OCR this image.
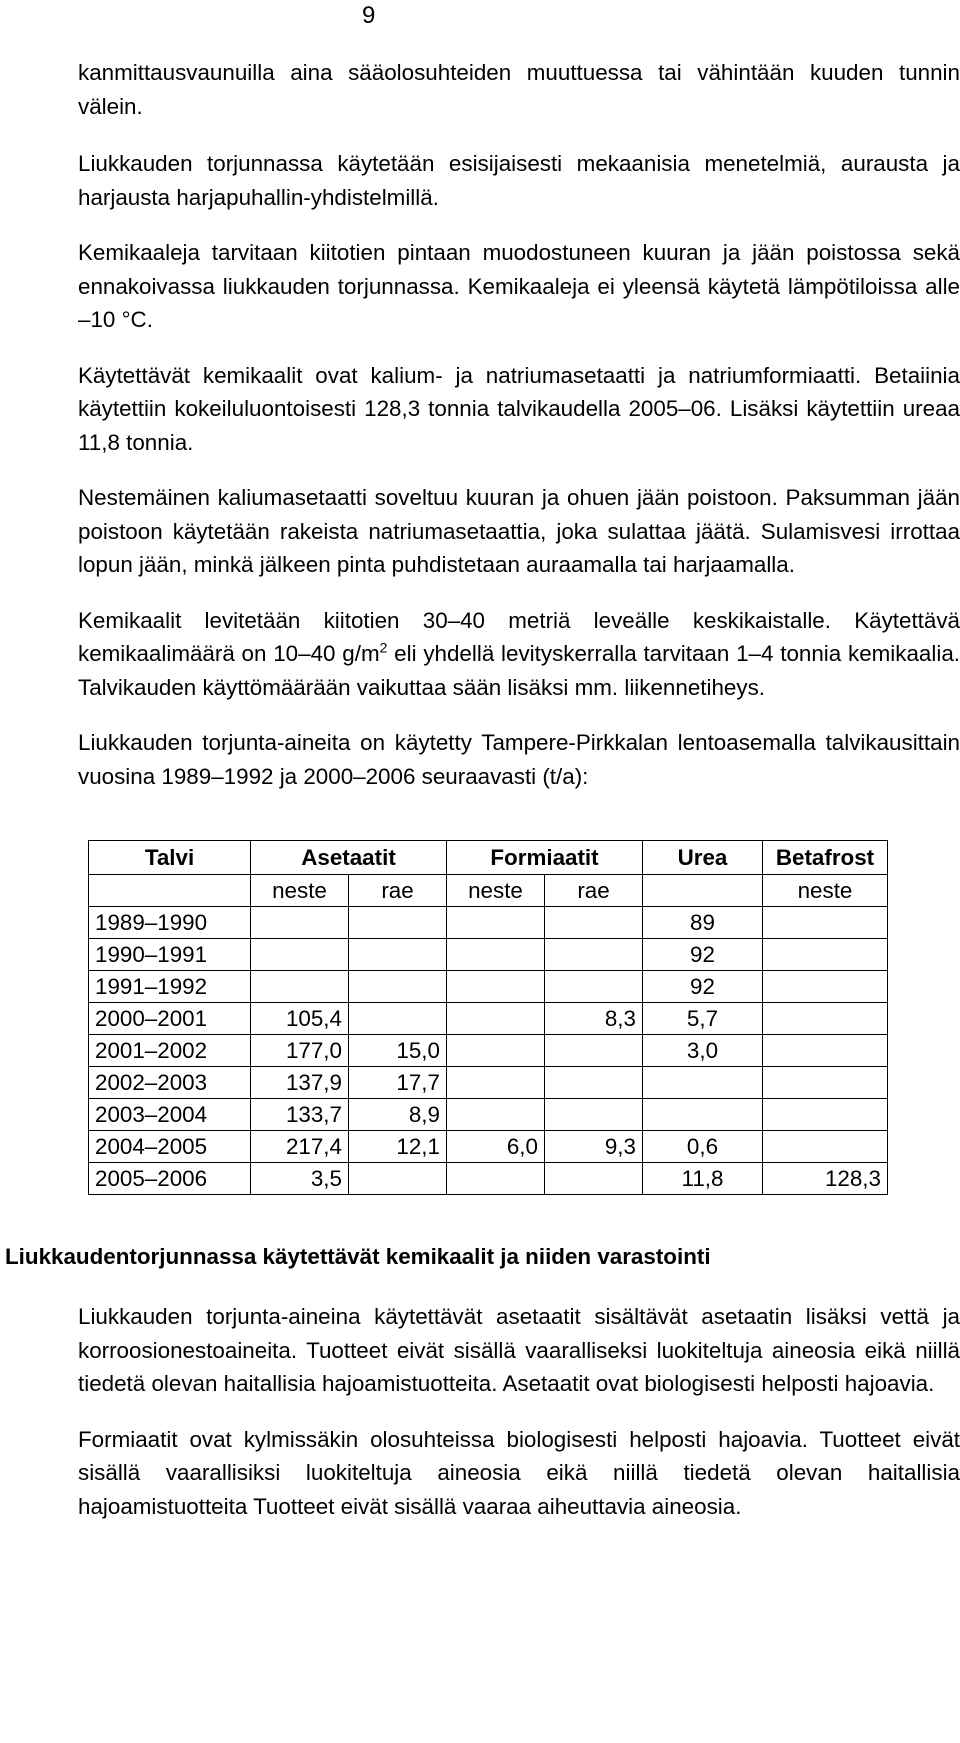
9

kanmittausvaunuilla aina sääolosuhteiden muuttuessa tai vähintään kuuden tunnin välein.

Liukkauden torjunnassa käytetään esisijaisesti mekaanisia menetelmiä, aurausta ja harjausta harjapuhallin-yhdistelmillä.

Kemikaaleja tarvitaan kiitotien pintaan muodostuneen kuuran ja jään poistossa sekä ennakoivassa liukkauden torjunnassa. Kemikaaleja ei yleensä käytetä lämpötiloissa alle –10 °C.

Käytettävät kemikaalit ovat kalium- ja natriumasetaatti ja natriumformiaatti. Betaiinia käytettiin kokeiluluontoisesti 128,3 tonnia talvikaudella 2005–06. Lisäksi käytettiin ureaa 11,8 tonnia.

Nestemäinen kaliumasetaatti soveltuu kuuran ja ohuen jään poistoon. Paksumman jään poistoon käytetään rakeista natriumasetaattia, joka sulattaa jäätä. Sulamisvesi irrottaa lopun jään, minkä jälkeen pinta puhdistetaan auraamalla tai harjaamalla.

Kemikaalit levitetään kiitotien 30–40 metriä leveälle keskikaistalle. Käytettävä kemikaalimäärä on 10–40 $g/m^2$ eli yhdellä levityskerralla tarvitaan 1–4 tonnia kemikaalia. Talvikauden käyttömäärään vaikuttaa sään lisäksi mm. liikennetiheys.

Liukkauden torjunta-aineita on käytetty Tampere-Pirkkalan lentoasemalla talvikausittain vuosina 1989–1992 ja 2000–2006 seuraavasti (t/a):

Talvi	Asetaatit		Formiaatit		Urea	Betafrost
	neste	rae	neste	rae		neste
1989–1990					89	
1990–1991					92	
1991–1992					92	
2000–2001	105,4			8,3	5,7	
2001–2002	177,0	15,0			3,0	
2002–2003	137,9	17,7				
2003–2004	133,7	8,9				
2004–2005	217,4	12,1	6,0	9,3	0,6	
2005–2006	3,5				11,8	128,3
Liukkaudentorjunnassa käytettävät kemikaalit ja niiden varastointi

Liukkauden torjunta-aineina käytettävät asetaatit sisältävät asetaatin lisäksi vettä ja korroosionestoaineita. Tuotteet eivät sisällä vaaralliseksi luokiteltuja aineosia eikä niillä tiedetä olevan haitallisia hajoamistuotteita. Asetaatit ovat biologisesti helposti hajoavia.

Formiaatit ovat kylmissäkin olosuhteissa biologisesti helposti hajoavia. Tuotteet eivät sisällä vaarallisiksi luokiteltuja aineosia eikä niillä tiedetä olevan haitallisia hajoamistuotteita Tuotteet eivät sisällä vaaraa aiheuttavia aineosia.
